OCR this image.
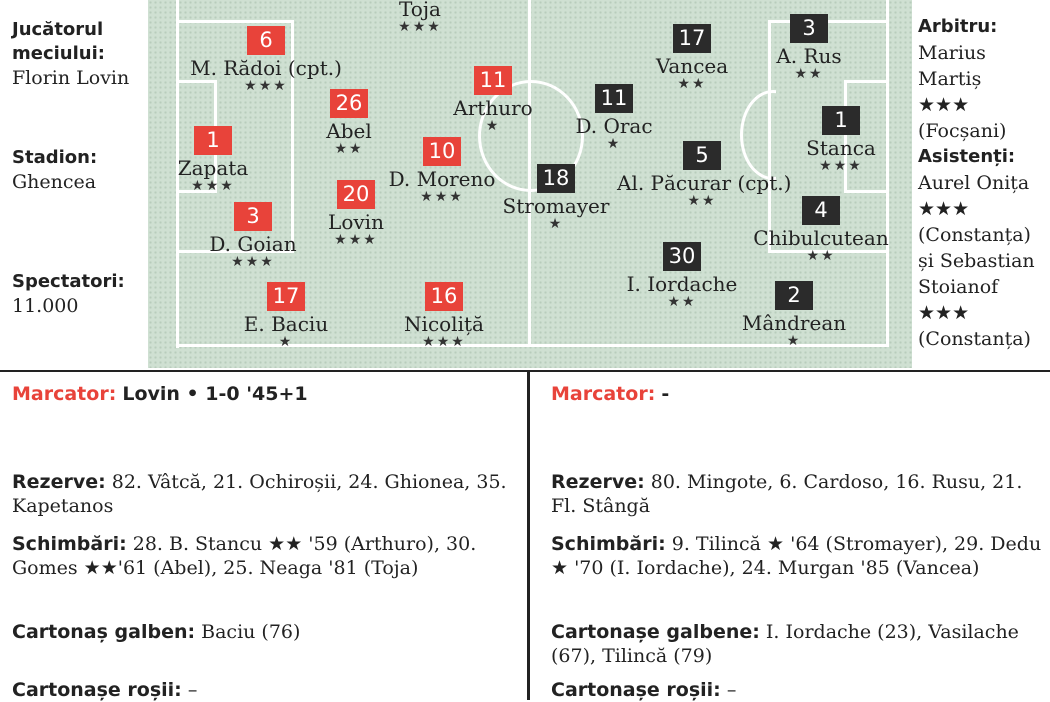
Jucătorul meciului:
Florin Lovin
Stadion:
Ghencea
Spectatori:
11.000
Toja
★★★
6
M. Rădoi (cpt.)
★★★
1
Zapata
★★★
26
Abel
★★
11
Arthuro
★
10
D. Moreno
★★★
20
Lovin
★★★
3
D. Goian
★★★
17
E. Baciu
★
16
Nicoliță
★★★
17
Vancea
★★
3
A. Rus
★★
11
D. Orac
★
1
Stanca
★★★
18
Stromayer
★
5
Al. Păcurar (cpt.)
★★	4
Chibulcutean
★★
30
I. Iordache
★★	2
Mândrean
★
Arbitru:
Marius Martiș
★★★
(Focșani)
Asistenți:
Aurel Onița
★★★
(Constanța)
și Sebastian Stoianof
★★★
(Constanța)
Marcator: Lovin • 1-0 '45+1
Rezerve: 82. Vâtcă, 21. Ochiroșii, 24. Ghionea, 35. Kapetanos
Schimbări: 28. B. Stancu ★★ '59 (Arthuro), 30. Gomes ★★'61 (Abel), 25. Neaga '81 (Toja)
Cartonaș galben: Baciu (76)
Cartonașe roșii: –
Marcator: -
Rezerve: 80. Mingote, 6. Cardoso, 16. Rusu, 21. Fl. Stângă
Schimbări: 9. Tilincă ★ '64 (Stromayer), 29. Dedu ★ '70 (I. Iordache), 24. Murgan '85 (Vancea)
Cartonașe galbene: I. Iordache (23), Vasilache (67), Tilincă (79)
Cartonașe roșii: –
